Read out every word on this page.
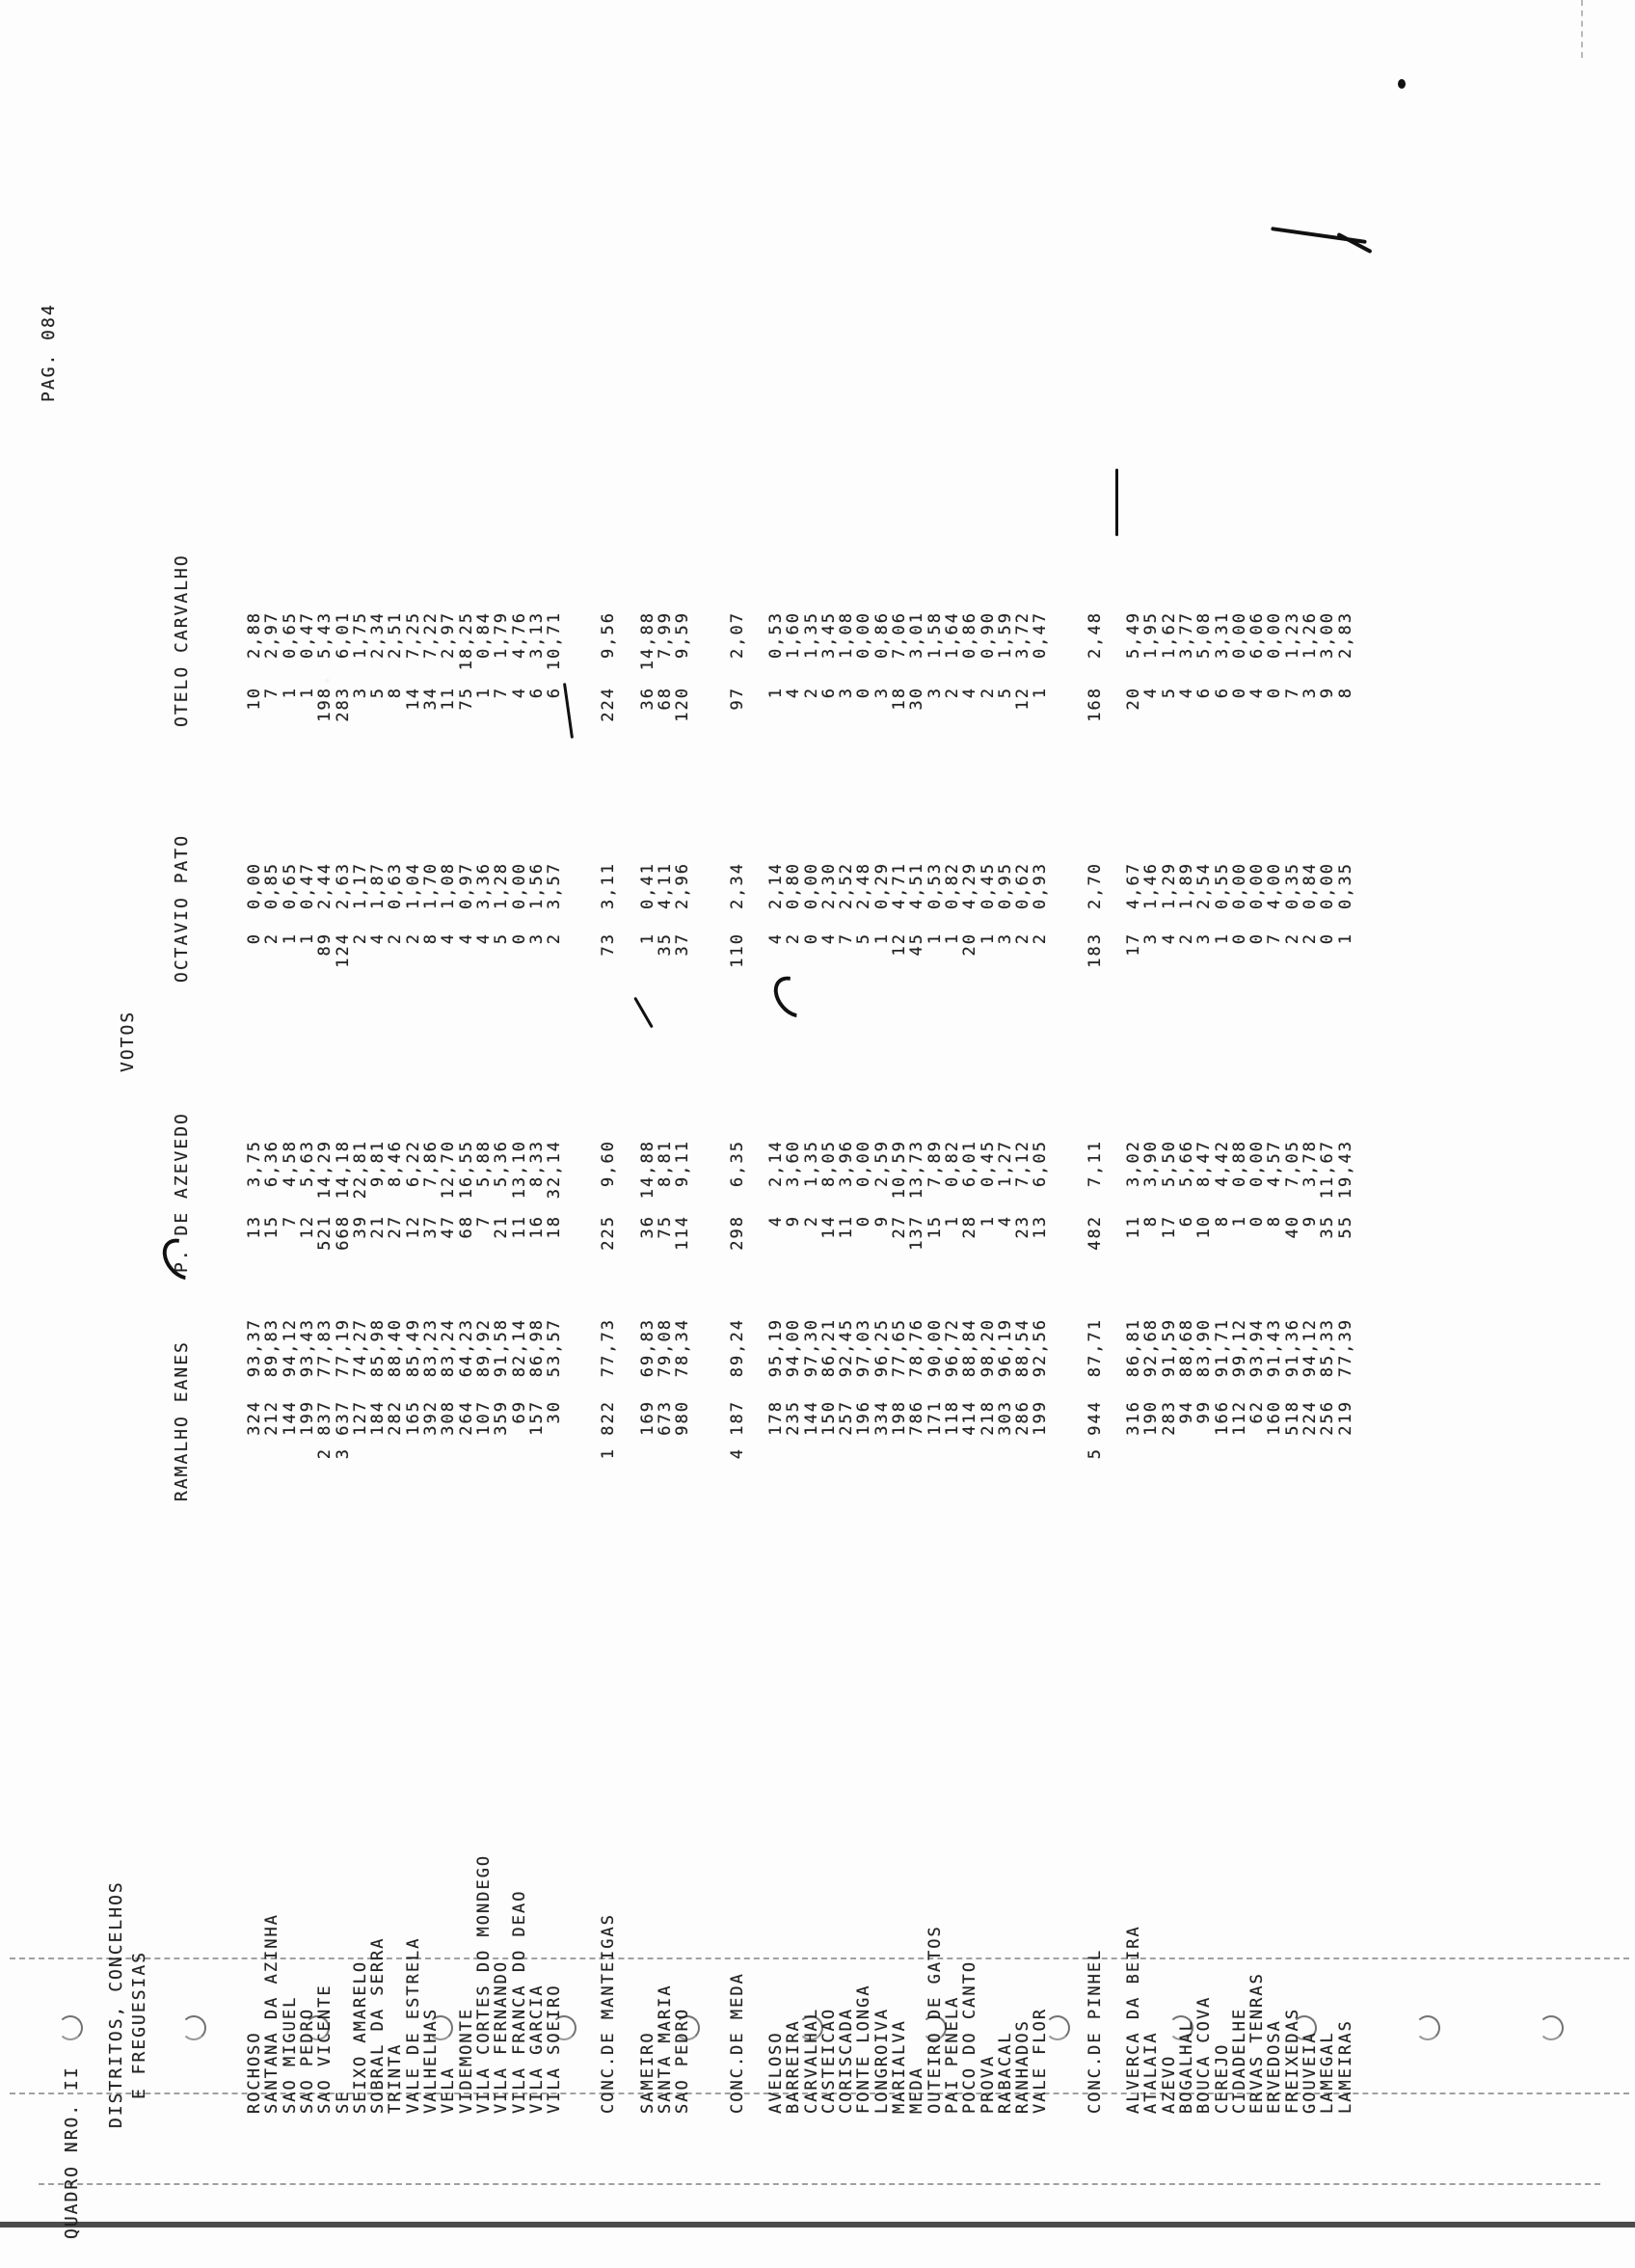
QUADRO NRO. II
PAG. 084
VOTOS
DISTRITOS, CONCELHOS E FREGUESIAS
RAMALHO EANES
P. DE AZEVEDO
OCTAVIO PATO
OTELO CARVALHO
ROCHOSO
324
93,37
13
3,75
0
0,00
10
2,88
SANTANA DA AZINHA
212
89,83
15
6,36
2
0,85
7
2,97
SAO MIGUEL
144
94,12
7
4,58
1
0,65
1
0,65
SAO PEDRO
199
93,43
12
5,63
1
0,47
1
0,47
SAO VICENTE
2 837
77,83
521
14,29
89
2,44
198
5,43
SE
3 637
77,19
668
14,18
124
2,63
283
6,01
SEIXO AMARELO
127
74,27
39
22,81
2
1,17
3
1,75
SOBRAL DA SERRA
184
85,98
21
9,81
4
1,87
5
2,34
TRINTA
282
88,40
27
8,46
2
0,63
8
2,51
VALE DE ESTRELA
165
85,49
12
6,22
2
1,04
14
7,25
VALHELHAS
392
83,23
37
7,86
8
1,70
34
7,22
VELA
308
83,24
47
12,70
4
1,08
11
2,97
VIDEMONTE
264
64,23
68
16,55
4
0,97
75
18,25
VILA CORTES DO MONDEGO
107
89,92
7
5,88
4
3,36
1
0,84
VILA FERNANDO
359
91,58
21
5,36
5
1,28
7
1,79
VILA FRANCA DO DEAO
69
82,14
11
13,10
0
0,00
4
4,76
VILA GARCIA
157
86,98
16
8,33
3
1,56
6
3,13
VILA SOEIRO
30
53,57
18
32,14
2
3,57
6
10,71
CONC.DE MANTEIGAS
1 822
77,73
225
9,60
73
3,11
224
9,56
SAMEIRO
169
69,83
36
14,88
1
0,41
36
14,88
SANTA MARIA
673
79,08
75
8,81
35
4,11
68
7,99
SAO PEDRO
980
78,34
114
9,11
37
2,96
120
9,59
CONC.DE MEDA
4 187
89,24
298
6,35
110
2,34
97
2,07
AVELOSO
178
95,19
4
2,14
4
2,14
1
0,53
BARREIRA
235
94,00
9
3,60
2
0,80
4
1,60
CARVALHAL
144
97,30
2
1,35
0
0,00
2
1,35
CASTEICAO
150
86,21
14
8,05
4
2,30
6
3,45
CORISCADA
257
92,45
11
3,96
7
2,52
3
1,08
FONTE LONGA
196
97,03
0
0,00
5
2,48
0
0,00
LONGROIVA
334
96,25
9
2,59
1
0,29
3
0,86
MARIALVA
198
77,65
27
10,59
12
4,71
18
7,06
MEDA
786
78,76
137
13,73
45
4,51
30
3,01
OUTEIRO DE GATOS
171
90,00
15
7,89
1
0,53
3
1,58
PAI PENELA
118
96,72
1
0,82
1
0,82
2
1,64
POCO DO CANTO
414
88,84
28
6,01
20
4,29
4
0,86
PROVA
218
98,20
1
0,45
1
0,45
2
0,90
RABACAL
303
96,19
4
1,27
3
0,95
5
1,59
RANHADOS
286
88,54
23
7,12
2
0,62
12
3,72
VALE FLOR
199
92,56
13
6,05
2
0,93
1
0,47
CONC.DE PINHEL
5 944
87,71
482
7,11
183
2,70
168
2,48
ALVERCA DA BEIRA
316
86,81
11
3,02
17
4,67
20
5,49
ATALAIA
190
92,68
8
3,90
3
1,46
4
1,95
AZEVO
283
91,59
17
5,50
4
1,29
5
1,62
BOGALHAL
94
88,68
6
5,66
2
1,89
4
3,77
BOUCA COVA
99
83,90
10
8,47
3
2,54
6
5,08
CEREJO
166
91,71
8
4,42
1
0,55
6
3,31
CIDADELHE
112
99,12
1
0,88
0
0,00
0
0,00
ERVAS TENRAS
62
93,94
0
0,00
0
0,00
4
6,06
ERVEDOSA
160
91,43
8
4,57
7
4,00
0
0,00
FREIXEDAS
518
91,36
40
7,05
2
0,35
7
1,23
GOUVEIA
224
94,12
9
3,78
2
0,84
3
1,26
LAMEGAL
256
85,33
35
11,67
0
0,00
9
3,00
LAMEIRAS
219
77,39
55
19,43
1
0,35
8
2,83
